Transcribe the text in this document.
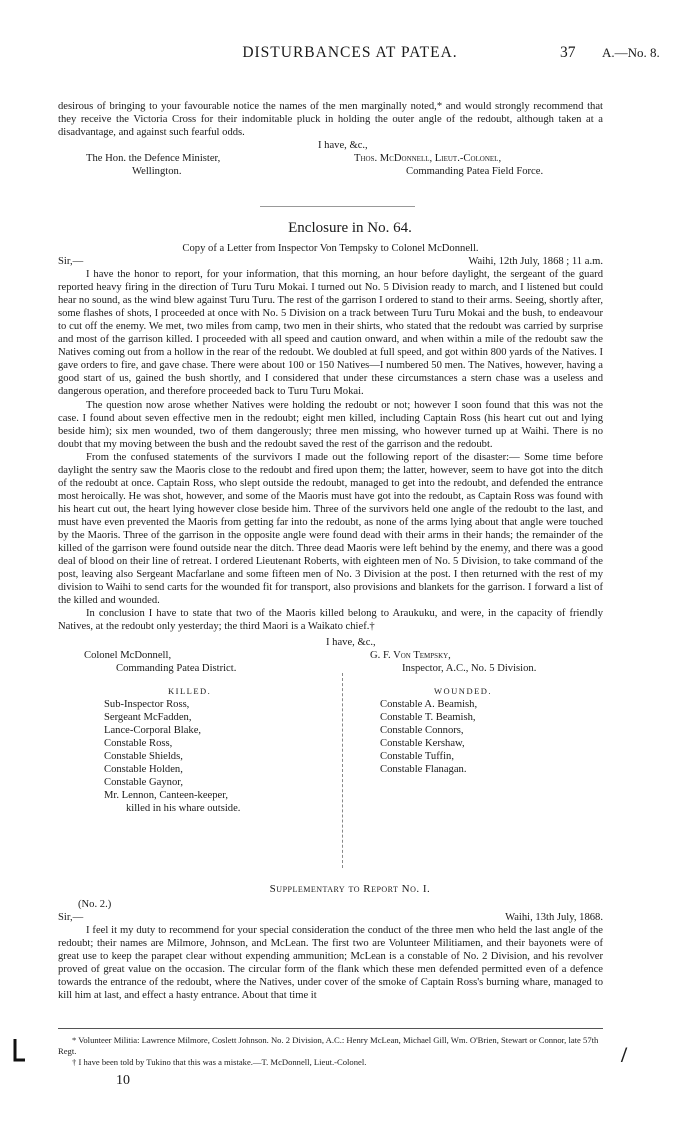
DISTURBANCES AT PATEA.	37 A.—No. 8.

desirous of bringing to your favourable notice the names of the men marginally noted,* and would strongly recommend that they receive the Victoria Cross for their indomitable pluck in holding the outer angle of the redoubt, although taken at a disadvantage, and against such fearful odds.

I have, &c.,
The Hon. the Defence Minister,
Wellington.
Thos. McDonnell, Lieut.-Colonel,
Commanding Patea Field Force.
Enclosure in No. 64.

Copy of a Letter from Inspector Von Tempsky to Colonel McDonnell.

Sir,—	Waihi, 12th July, 1868 ; 11 a.m.

I have the honor to report, for your information, that this morning, an hour before daylight, the sergeant of the guard reported heavy firing in the direction of Turu Turu Mokai. I turned out No. 5 Division ready to march, and I listened but could hear no sound, as the wind blew against Turu Turu. The rest of the garrison I ordered to stand to their arms. Seeing, shortly after, some flashes of shots, I proceeded at once with No. 5 Division on a track between Turu Turu Mokai and the bush, to endeavour to cut off the enemy. We met, two miles from camp, two men in their shirts, who stated that the redoubt was carried by surprise and most of the garrison killed. I proceeded with all speed and caution onward, and when within a mile of the redoubt saw the Natives coming out from a hollow in the rear of the redoubt. We doubled at full speed, and got within 800 yards of the Natives. I gave orders to fire, and gave chase. There were about 100 or 150 Natives—I numbered 50 men. The Natives, however, having a good start of us, gained the bush shortly, and I considered that under these circumstances a stern chase was a useless and dangerous operation, and therefore proceeded back to Turu Turu Mokai.

The question now arose whether Natives were holding the redoubt or not; however I soon found that this was not the case. I found about seven effective men in the redoubt; eight men killed, including Captain Ross (his heart cut out and lying beside him); six men wounded, two of them dangerously; three men missing, who however turned up at Waihi. There is no doubt that my moving between the bush and the redoubt saved the rest of the garrison and the redoubt.

From the confused statements of the survivors I made out the following report of the disaster:— Some time before daylight the sentry saw the Maoris close to the redoubt and fired upon them; the latter, however, seem to have got into the ditch of the redoubt at once. Captain Ross, who slept outside the redoubt, managed to get into the redoubt, and defended the entrance most heroically. He was shot, however, and some of the Maoris must have got into the redoubt, as Captain Ross was found with his heart cut out, the heart lying however close beside him. Three of the survivors held one angle of the redoubt to the last, and must have even prevented the Maoris from getting far into the redoubt, as none of the arms lying about that angle were touched by the Maoris. Three of the garrison in the opposite angle were found dead with their arms in their hands; the remainder of the killed of the garrison were found outside near the ditch. Three dead Maoris were left behind by the enemy, and there was a good deal of blood on their line of retreat. I ordered Lieutenant Roberts, with eighteen men of No. 5 Division, to take command of the post, leaving also Sergeant Macfarlane and some fifteen men of No. 3 Division at the post. I then returned with the rest of my division to Waihi to send carts for the wounded fit for transport, also provisions and blankets for the garrison. I forward a list of the killed and wounded.

In conclusion I have to state that two of the Maoris killed belong to Araukuku, and were, in the capacity of friendly Natives, at the redoubt only yesterday; the third Maori is a Waikato chief.†

I have, &c.,
Colonel McDonnell,
Commanding Patea District.
G. F. Von Tempsky,
Inspector, A.C., No. 5 Division.
KILLED.	WOUNDED.
Sub-Inspector Ross,
Sergeant McFadden,
Lance-Corporal Blake,
Constable Ross,
Constable Shields,
Constable Holden,
Constable Gaynor,
Mr. Lennon, Canteen-keeper,
killed in his whare outside.
Constable A. Beamish,
Constable T. Beamish,
Constable Connors,
Constable Kershaw,
Constable Tuffin,
Constable Flanagan.
Supplementary to Report No. I.
(No. 2.)
Sir,—	Waihi, 13th July, 1868.

I feel it my duty to recommend for your special consideration the conduct of the three men who held the last angle of the redoubt; their names are Milmore, Johnson, and McLean. The first two are Volunteer Militiamen, and their bayonets were of great use to keep the parapet clear without expending ammunition; McLean is a constable of No. 2 Division, and his revolver proved of great value on the occasion. The circular form of the flank which these men defended permitted even of a defence towards the entrance of the redoubt, where the Natives, under cover of the smoke of Captain Ross's burning whare, managed to kill him at last, and effect a hasty entrance. About that time it

* Volunteer Militia: Lawrence Milmore, Coslett Johnson. No. 2 Division, A.C.: Henry McLean, Michael Gill, Wm. O'Brien, Stewart or Connor, late 57th Regt.
† I have been told by Tukino that this was a mistake.—T. McDonnell, Lieut.-Colonel.
10
/
